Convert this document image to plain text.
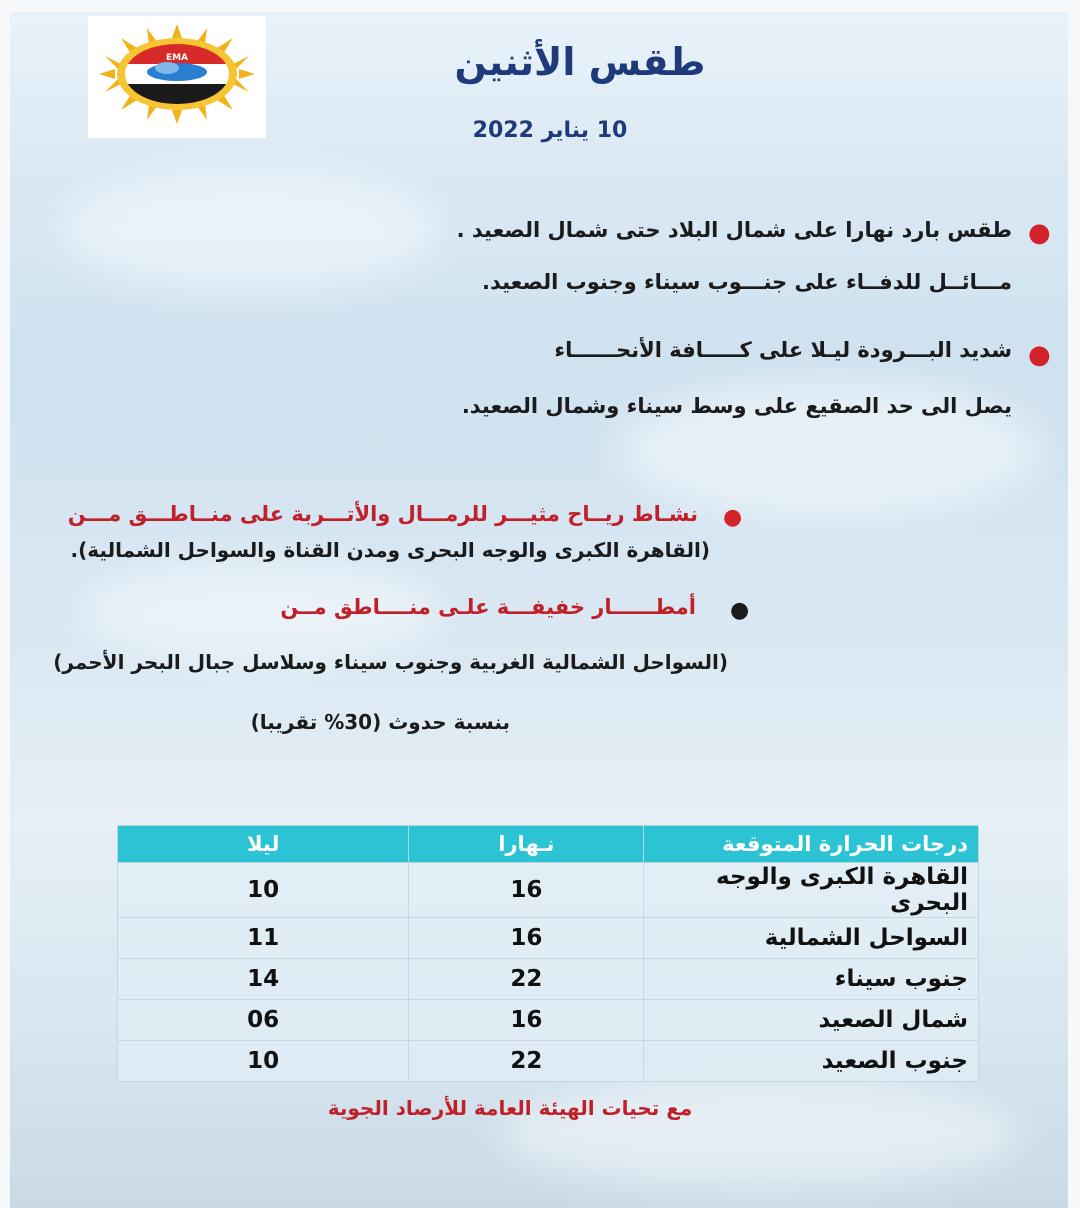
EMA	طقس الأثنين
10 يناير 2022
●
طقس بارد نهارا على شمال البلاد حتى شمال الصعيد .
مـــائــل للدفــاء على جنـــوب سيناء وجنوب الصعيد.
●
شديد البـــرودة ليـلا على كـــــافة الأنحــــــاء
يصل الى حد الصقيع على وسط سيناء وشمال الصعيد.
●
نشـاط ريــاح مثيـــر للرمـــال والأتـــربة على منــاطـــق مـــن
(القاهرة الكبرى والوجه البحرى ومدن القناة والسواحل الشمالية).
●
أمطــــــار خفيفـــة علـى منــــاطق مــن
(السواحل الشمالية الغربية وجنوب سيناء وسلاسل جبال البحر الأحمر)
بنسبة حدوث (30% تقريبا)
درجات الحرارة المتوقعة	نـهارا	ليلا
القاهرة الكبرى والوجه البحرى	16	10
السواحل الشمالية	16	11
جنوب سيناء	22	14
شمال الصعيد	16	06
جنوب الصعيد	22	10
مع تحيات الهيئة العامة للأرصاد الجوية
